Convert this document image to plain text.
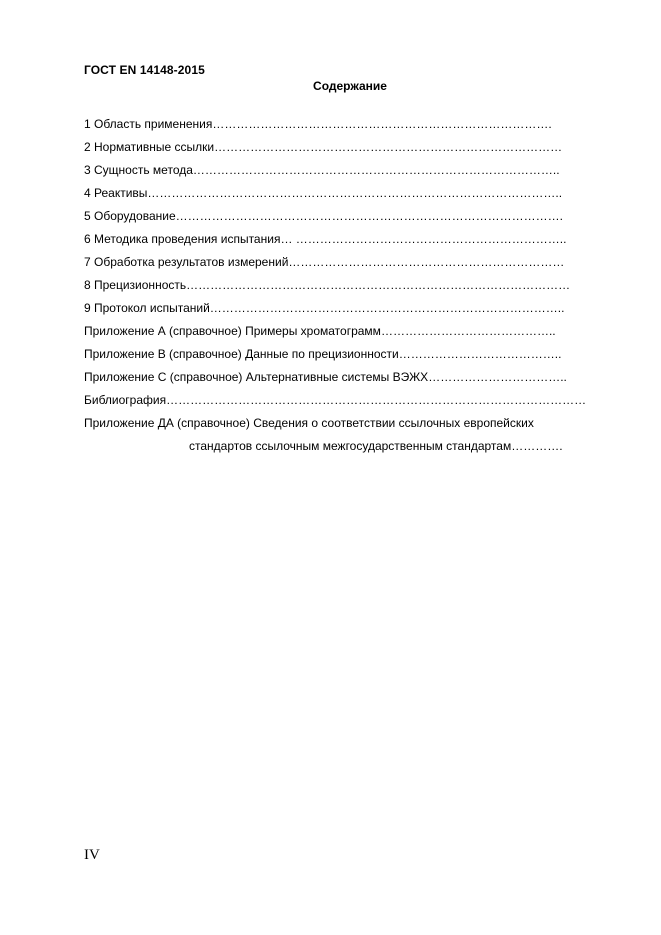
ГОСТ EN 14148-2015
Содержание
1 Область применения………………………………………………………………………….
2 Нормативные ссылки……………………………………………………………………………
3 Сущность метода………………………………………………………………………………..
4 Реактивы…………………………………………………………………………………………..
5 Оборудование…………………………………………………………………………………….
6 Методика проведения испытания… …………………………………………………………..
7 Обработка результатов измерений……………………………………………………………
8 Прецизионность……………………………………………………………………………………
9 Протокол испытаний……………………………………………………………………………..
Приложение А (справочное) Примеры хроматограмм……………………………………..
Приложение В (справочное) Данные по прецизионности…………………………………..
Приложение С (справочное) Альтернативные системы ВЭЖХ……………………………..
Библиография……………………………………………………………………………………………
Приложение ДА (справочное) Сведения о соответствии ссылочных европейских
стандартов ссылочным межгосударственным стандартам………….
IV
